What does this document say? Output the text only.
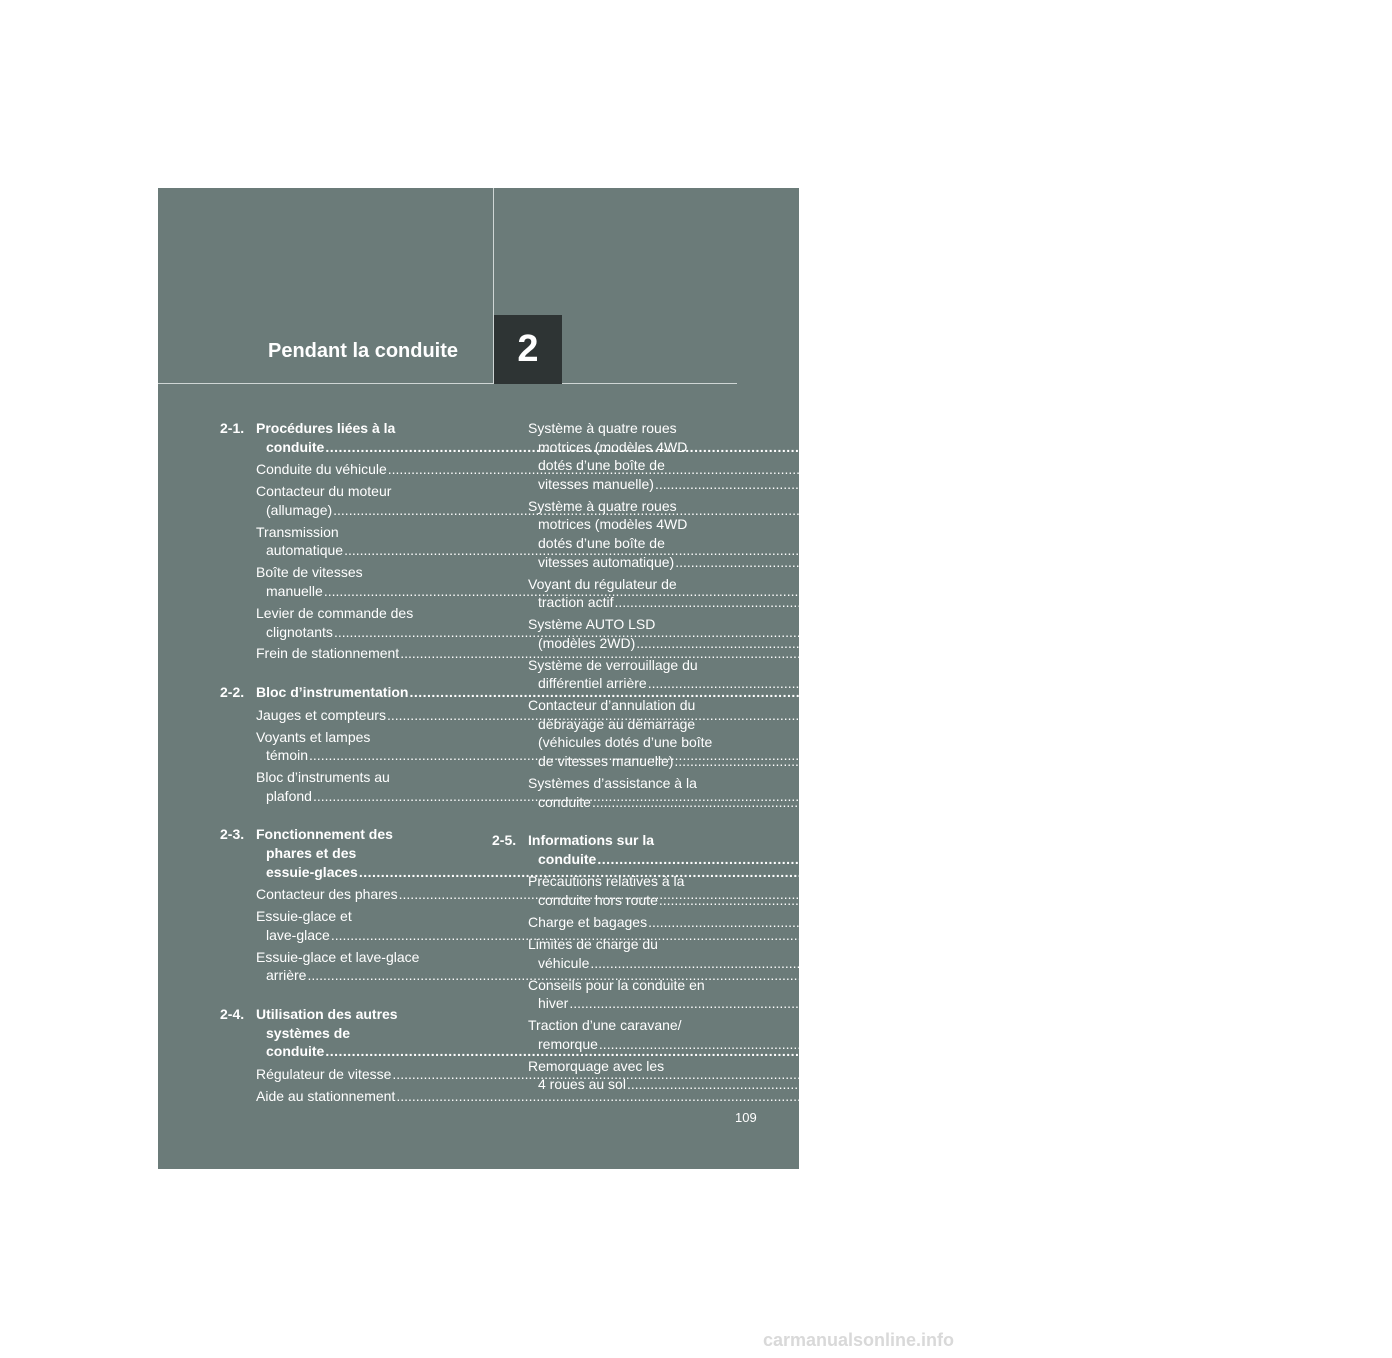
2
Pendant la conduite
2-1. Procédures liées à la
conduite .....	110
Conduite du véhicule .....	110
Contacteur du moteur
(allumage) .....	121
Transmission
automatique .....	124
Boîte de vitesses
manuelle .....	127
Levier de commande des
clignotants .....	129
Frein de stationnement .....	130
2-2. Bloc d’instrumentation .....	132
Jauges et compteurs .....	132
Voyants et lampes
témoin .....	135
Bloc d’instruments au
plafond .....	138
2-3. Fonctionnement des
phares et des
essuie-glaces .....	139
Contacteur des phares .....	139
Essuie-glace et
lave-glace .....	142
Essuie-glace et lave-glace
arrière .....	144
2-4. Utilisation des autres
systèmes de
conduite .....	145
Régulateur de vitesse .....	145
Aide au stationnement .....	148
Système à quatre roues
motrices (modèles 4WD
dotés d’une boîte de
vitesses manuelle) .....	154
Système à quatre roues
motrices (modèles 4WD
dotés d’une boîte de
vitesses automatique) .....	156
Voyant du régulateur de
traction actif .....	158
Système AUTO LSD
(modèles 2WD) .....	160
Système de verrouillage du
différentiel arrière .....	162
Contacteur d’annulation du
débrayage au démarrage
(véhicules dotés d’une boîte
de vitesses manuelle) .....	165
Systèmes d’assistance à la
conduite .....	166
2-5. Informations sur la
conduite .....	170
Précautions relatives à la
conduite hors route .....	170
Charge et bagages .....	175
Limites de charge du
véhicule .....	179
Conseils pour la conduite en
hiver .....	181
Traction d’une caravane/
remorque .....	185
Remorquage avec les
4 roues au sol .....	196
109
carmanualsonline.info
